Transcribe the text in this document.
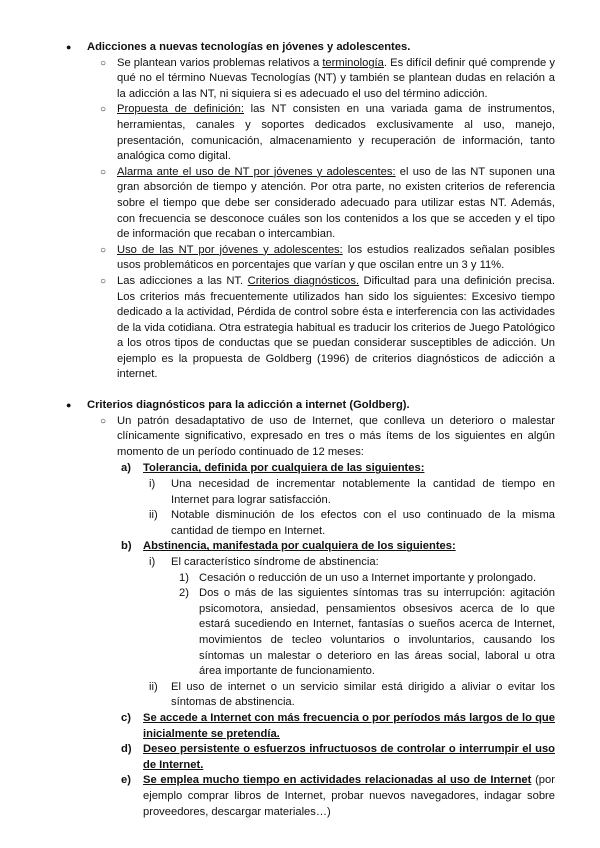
● Adicciones a nuevas tecnologías en jóvenes y adolescentes.
○ Se plantean varios problemas relativos a terminología. Es difícil definir qué comprende y qué no el término Nuevas Tecnologías (NT) y también se plantean dudas en relación a la adicción a las NT, ni siquiera si es adecuado el uso del término adicción.
○ Propuesta de definición: las NT consisten en una variada gama de instrumentos, herramientas, canales y soportes dedicados exclusivamente al uso, manejo, presentación, comunicación, almacenamiento y recuperación de información, tanto analógica como digital.
○ Alarma ante el uso de NT por jóvenes y adolescentes: el uso de las NT suponen una gran absorción de tiempo y atención. Por otra parte, no existen criterios de referencia sobre el tiempo que debe ser considerado adecuado para utilizar estas NT. Además, con frecuencia se desconoce cuáles son los contenidos a los que se acceden y el tipo de información que recaban o intercambian.
○ Uso de las NT por jóvenes y adolescentes: los estudios realizados señalan posibles usos problemáticos en porcentajes que varían y que oscilan entre un 3 y 11%.
○ Las adicciones a las NT. Criterios diagnósticos. Dificultad para una definición precisa. Los criterios más frecuentemente utilizados han sido los siguientes: Excesivo tiempo dedicado a la actividad, Pérdida de control sobre ésta e interferencia con las actividades de la vida cotidiana. Otra estrategia habitual es traducir los criterios de Juego Patológico a los otros tipos de conductas que se puedan considerar susceptibles de adicción. Un ejemplo es la propuesta de Goldberg (1996) de criterios diagnósticos de adicción a internet.
● Criterios diagnósticos para la adicción a internet (Goldberg).
○ Un patrón desadaptativo de uso de Internet, que conlleva un deterioro o malestar clínicamente significativo, expresado en tres o más ítems de los siguientes en algún momento de un período continuado de 12 meses:
a) Tolerancia, definida por cualquiera de las siguientes:
i) Una necesidad de incrementar notablemente la cantidad de tiempo en Internet para lograr satisfacción.
ii) Notable disminución de los efectos con el uso continuado de la misma cantidad de tiempo en Internet.
b) Abstinencia, manifestada por cualquiera de los siguientes:
i) El característico síndrome de abstinencia:
1) Cesación o reducción de un uso a Internet importante y prolongado.
2) Dos o más de las siguientes síntomas tras su interrupción: agitación psicomotora, ansiedad, pensamientos obsesivos acerca de lo que estará sucediendo en Internet, fantasías o sueños acerca de Internet, movimientos de tecleo voluntarios o involuntarios, causando los síntomas un malestar o deterioro en las áreas social, laboral u otra área importante de funcionamiento.
ii) El uso de internet o un servicio similar está dirigido a aliviar o evitar los síntomas de abstinencia.
c) Se accede a Internet con más frecuencia o por períodos más largos de lo que inicialmente se pretendía.
d) Deseo persistente o esfuerzos infructuosos de controlar o interrumpir el uso de Internet.
e) Se emplea mucho tiempo en actividades relacionadas al uso de Internet (por ejemplo comprar libros de Internet, probar nuevos navegadores, indagar sobre proveedores, descargar materiales…)
